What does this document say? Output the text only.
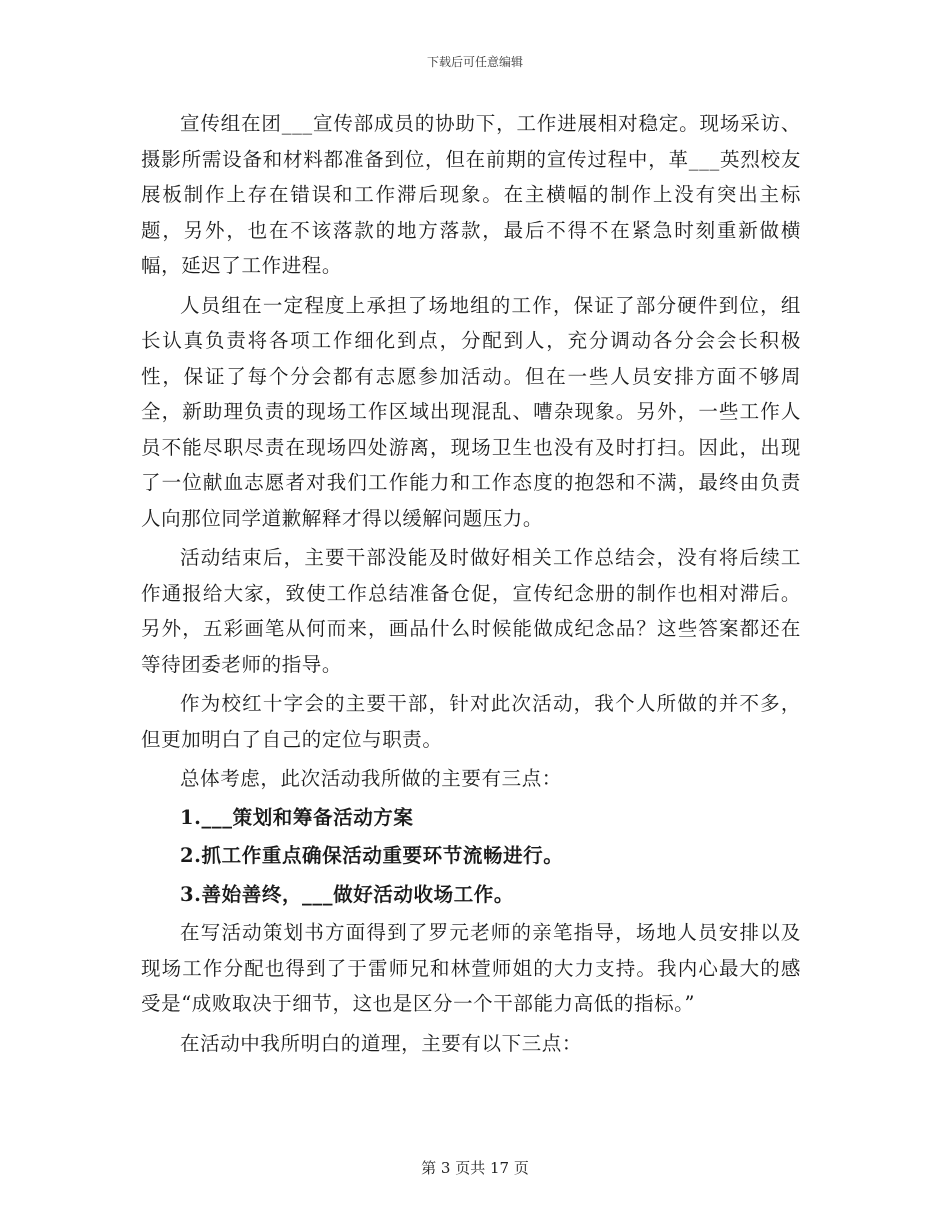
下载后可任意编辑

宣传组在团___宣传部成员的协助下，工作进展相对稳定。现场采访、摄影所需设备和材料都准备到位，但在前期的宣传过程中，革___英烈校友展板制作上存在错误和工作滞后现象。在主横幅的制作上没有突出主标题，另外，也在不该落款的地方落款，最后不得不在紧急时刻重新做横幅，延迟了工作进程。

人员组在一定程度上承担了场地组的工作，保证了部分硬件到位，组长认真负责将各项工作细化到点，分配到人，充分调动各分会会长积极性，保证了每个分会都有志愿参加活动。但在一些人员安排方面不够周全，新助理负责的现场工作区域出现混乱、嘈杂现象。另外，一些工作人员不能尽职尽责在现场四处游离，现场卫生也没有及时打扫。因此，出现了一位献血志愿者对我们工作能力和工作态度的抱怨和不满，最终由负责人向那位同学道歉解释才得以缓解问题压力。

活动结束后，主要干部没能及时做好相关工作总结会，没有将后续工作通报给大家，致使工作总结准备仓促，宣传纪念册的制作也相对滞后。另外，五彩画笔从何而来，画品什么时候能做成纪念品？这些答案都还在等待团委老师的指导。

作为校红十字会的主要干部，针对此次活动，我个人所做的并不多，但更加明白了自己的定位与职责。

总体考虑，此次活动我所做的主要有三点：

1.___策划和筹备活动方案

2.抓工作重点确保活动重要环节流畅进行。

3.善始善终，___做好活动收场工作。

在写活动策划书方面得到了罗元老师的亲笔指导，场地人员安排以及现场工作分配也得到了于雷师兄和林萱师姐的大力支持。我内心最大的感受是“成败取决于细节，这也是区分一个干部能力高低的指标。”

在活动中我所明白的道理，主要有以下三点：

第 3 页共 17 页
